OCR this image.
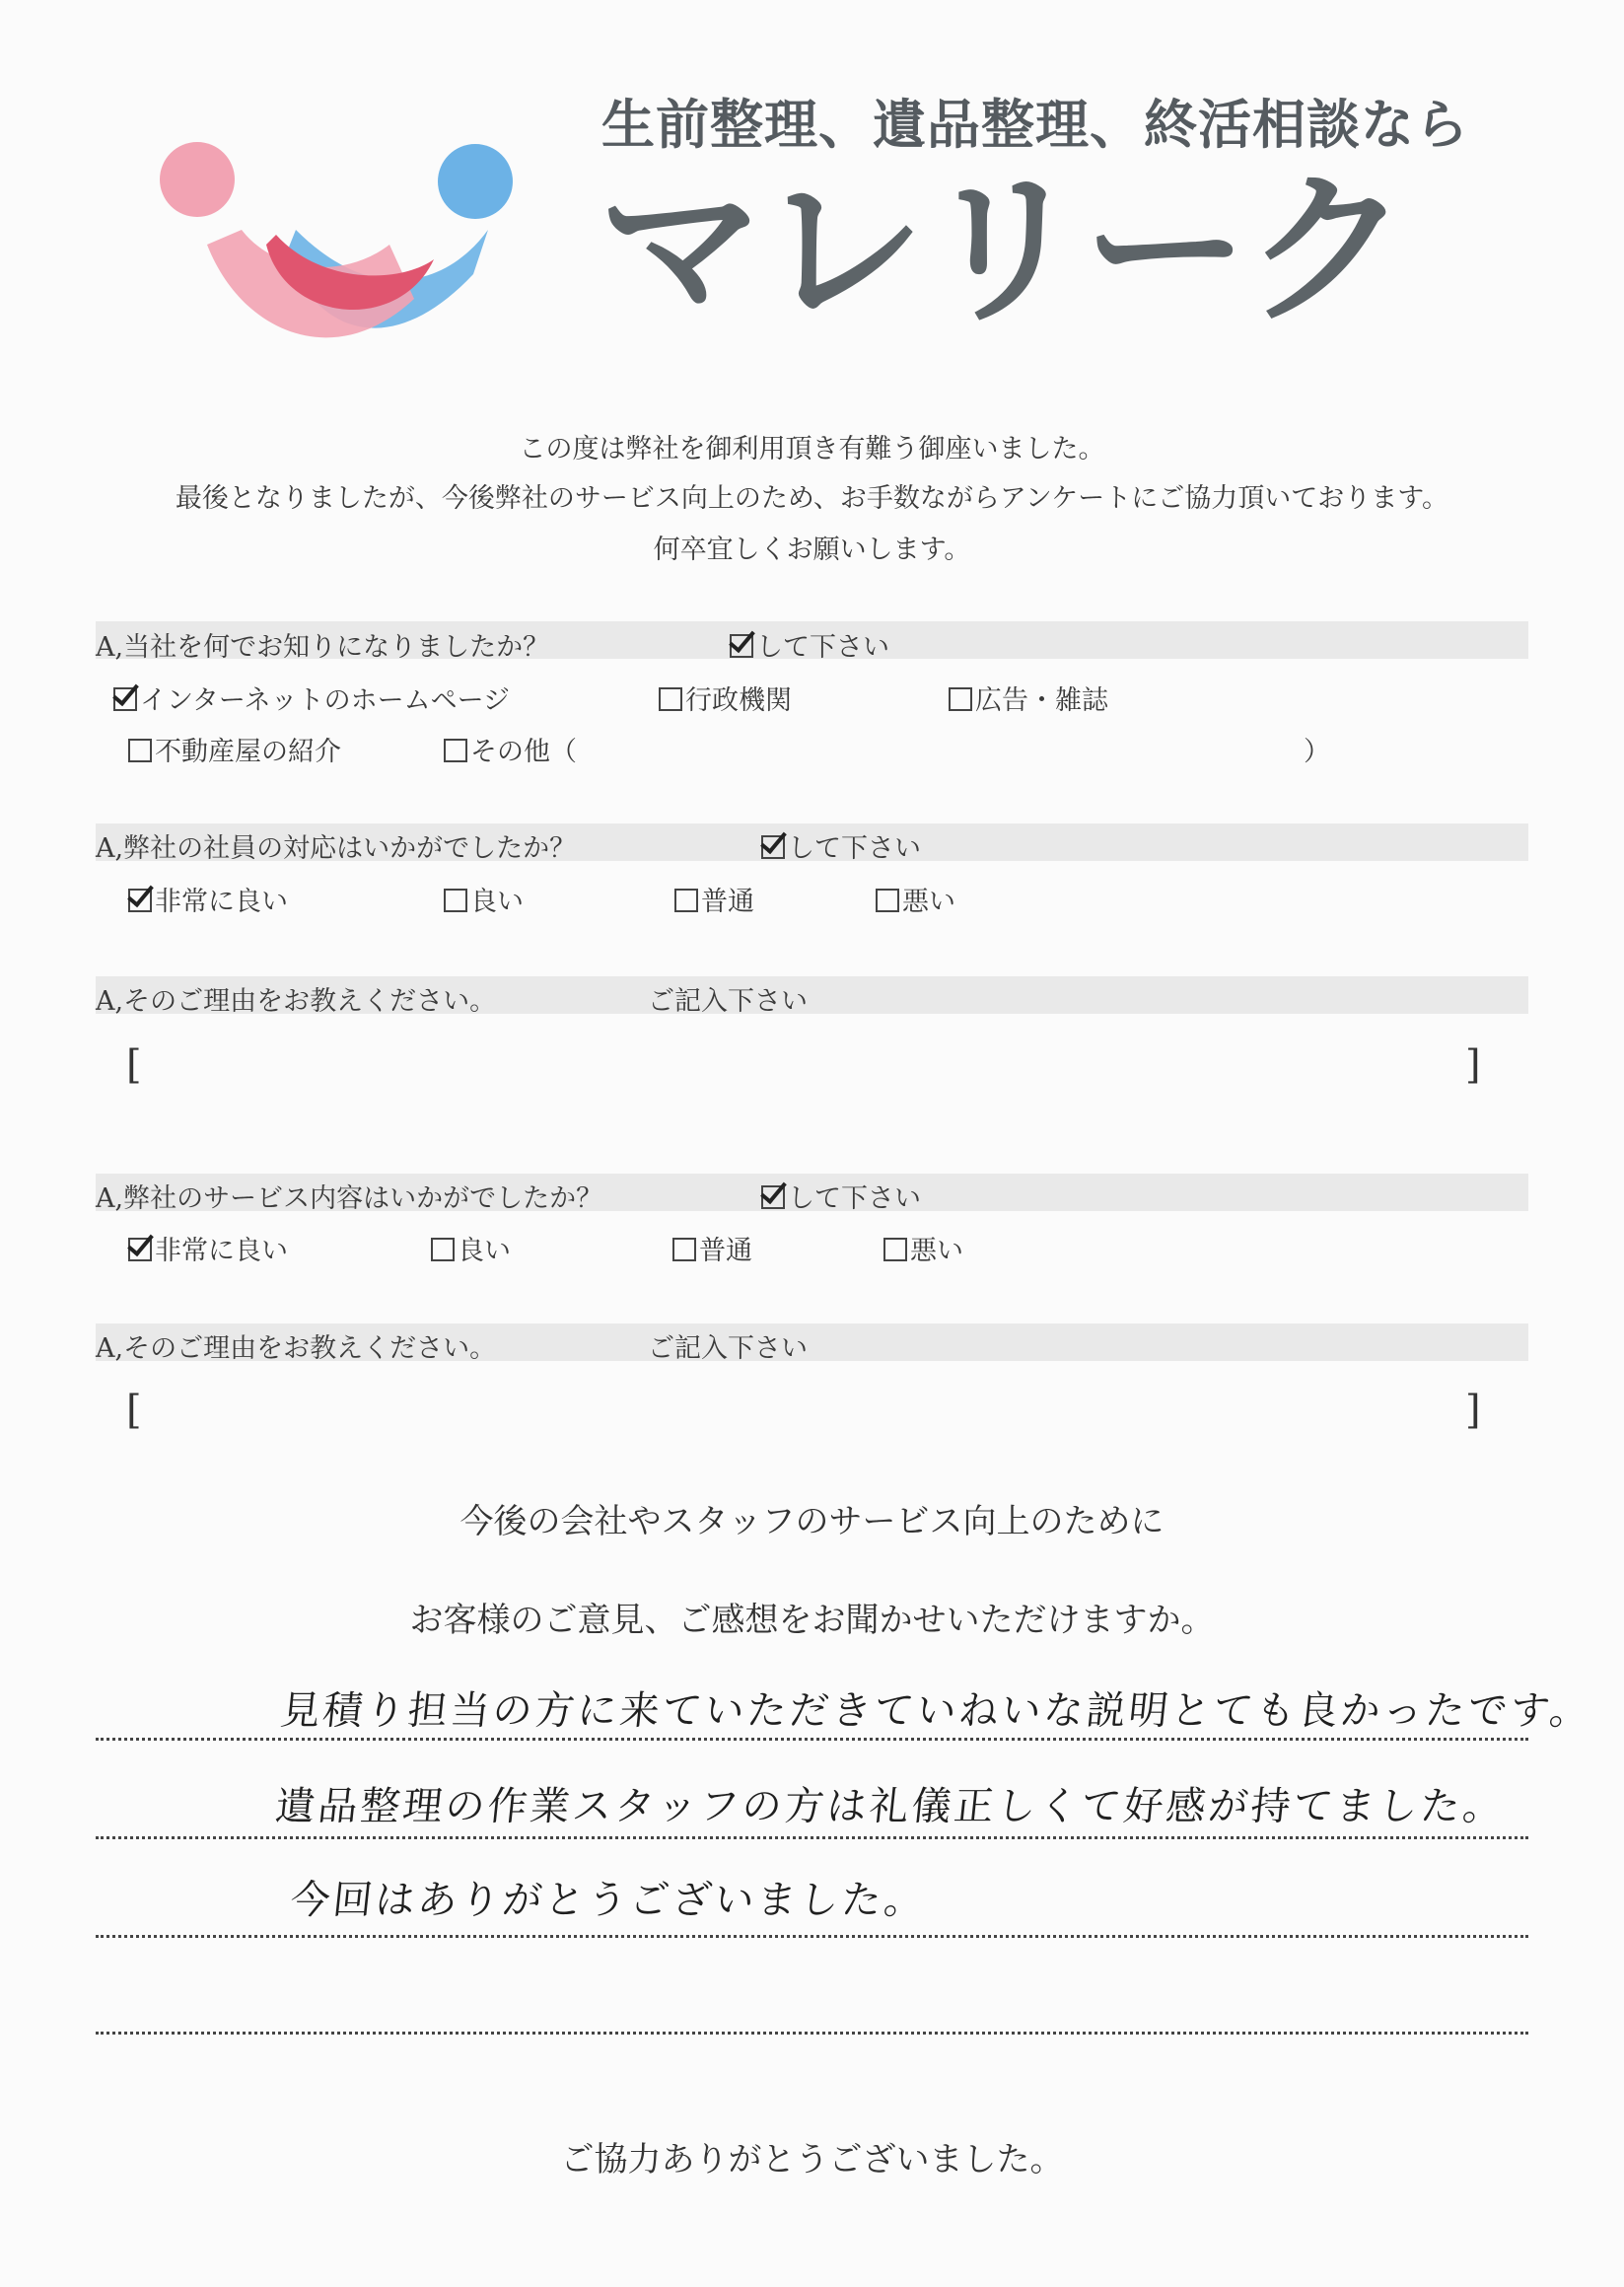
生前整理、遺品整理、終活相談なら
マレリーク
この度は弊社を御利用頂き有難う御座いました。
最後となりましたが、今後弊社のサービス向上のため、お手数ながらアンケートにご協力頂いております。
何卒宜しくお願いします。
A,当社を何でお知りになりましたか？	して下さい
インターネットのホームページ	行政機関	広告・雑誌
不動産屋の紹介	その他（	）
A,弊社の社員の対応はいかがでしたか？	して下さい
非常に良い	良い	普通	悪い
A,そのご理由をお教えください。	ご記入下さい
[	]
A,弊社のサービス内容はいかがでしたか？	して下さい
非常に良い	良い	普通	悪い
A,そのご理由をお教えください。	ご記入下さい
[	]
今後の会社やスタッフのサービス向上のために
お客様のご意見、ご感想をお聞かせいただけますか。
見積り担当の方に来ていただきていねいな説明とても良かったです。
遺品整理の作業スタッフの方は礼儀正しくて好感が持てました。
今回はありがとうございました。
ご協力ありがとうございました。
